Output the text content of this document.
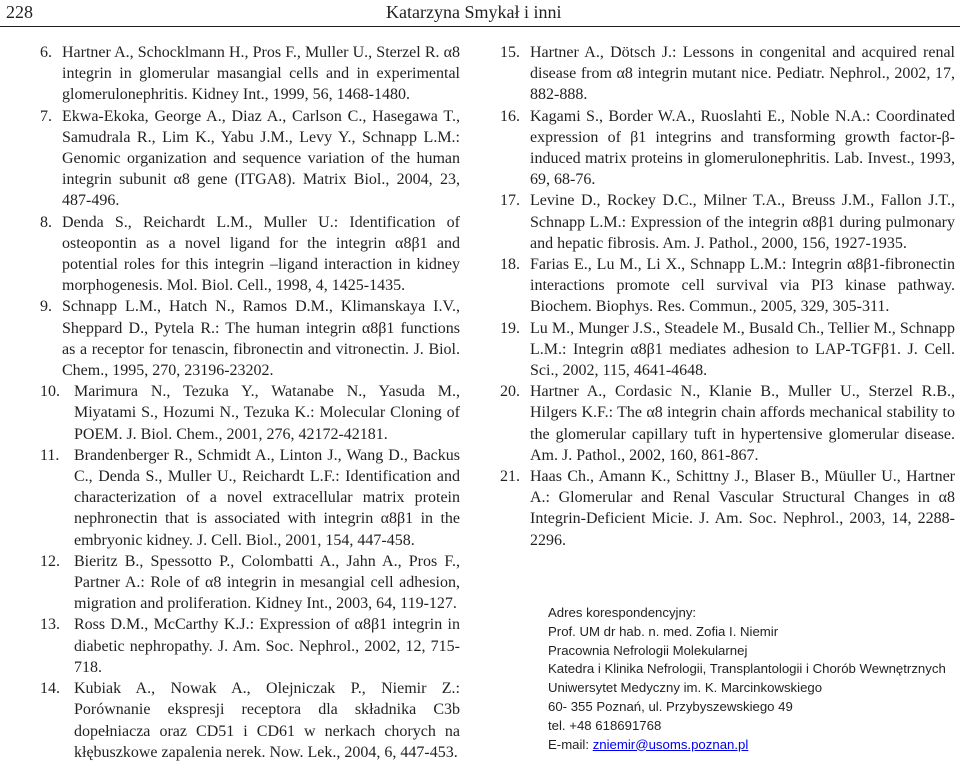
228	Katarzyna Smykał i inni

6. Hartner A., Schocklmann H., Pros F., Muller U., Sterzel R. α8 integrin in glomerular masangial cells and in experimental glomerulonephritis. Kidney Int., 1999, 56, 1468-1480.

7. Ekwa-Ekoka, George A., Diaz A., Carlson C., Hasegawa T., Samudrala R., Lim K., Yabu J.M., Levy Y., Schnapp L.M.: Genomic organization and sequence variation of the human integrin subunit α8 gene (ITGA8). Matrix Biol., 2004, 23, 487-496.

8. Denda S., Reichardt L.M., Muller U.: Identification of osteopontin as a novel ligand for the integrin α8β1 and potential roles for this integrin –ligand interaction in kidney morphogenesis. Mol. Biol. Cell., 1998, 4, 1425-1435.

9. Schnapp L.M., Hatch N., Ramos D.M., Klimanskaya I.V., Sheppard D., Pytela R.: The human integrin α8β1 functions as a receptor for tenascin, fibronectin and vitronectin. J. Biol. Chem., 1995, 270, 23196-23202.

10. Marimura N., Tezuka Y., Watanabe N., Yasuda M., Miyatami S., Hozumi N., Tezuka K.: Molecular Cloning of POEM. J. Biol. Chem., 2001, 276, 42172-42181.

11. Brandenberger R., Schmidt A., Linton J., Wang D., Backus C., Denda S., Muller U., Reichardt L.F.: Identification and characterization of a novel extracellular matrix protein nephronectin that is associated with integrin α8β1 in the embryonic kidney. J. Cell. Biol., 2001, 154, 447-458.

12. Bieritz B., Spessotto P., Colombatti A., Jahn A., Pros F., Partner A.: Role of α8 integrin in mesangial cell adhesion, migration and proliferation. Kidney Int., 2003, 64, 119-127.

13. Ross D.M., McCarthy K.J.: Expression of α8β1 integrin in diabetic nephropathy. J. Am. Soc. Nephrol., 2002, 12, 715-718.

14. Kubiak A., Nowak A., Olejniczak P., Niemir Z.: Porównanie ekspresji receptora dla składnika C3b dopełniacza oraz CD51 i CD61 w nerkach chorych na kłębuszkowe zapalenia nerek. Now. Lek., 2004, 6, 447-453.

15. Hartner A., Dötsch J.: Lessons in congenital and acquired renal disease from α8 integrin mutant nice. Pediatr. Nephrol., 2002, 17, 882-888.

16. Kagami S., Border W.A., Ruoslahti E., Noble N.A.: Coordinated expression of β1 integrins and transforming growth factor-β-induced matrix proteins in glomerulonephritis. Lab. Invest., 1993, 69, 68-76.

17. Levine D., Rockey D.C., Milner T.A., Breuss J.M., Fallon J.T., Schnapp L.M.: Expression of the integrin α8β1 during pulmonary and hepatic fibrosis. Am. J. Pathol., 2000, 156, 1927-1935.

18. Farias E., Lu M., Li X., Schnapp L.M.: Integrin α8β1-fibronectin interactions promote cell survival via PI3 kinase pathway. Biochem. Biophys. Res. Commun., 2005, 329, 305-311.

19. Lu M., Munger J.S., Steadele M., Busald Ch., Tellier M., Schnapp L.M.: Integrin α8β1 mediates adhesion to LAP-TGFβ1. J. Cell. Sci., 2002, 115, 4641-4648.

20. Hartner A., Cordasic N., Klanie B., Muller U., Sterzel R.B., Hilgers K.F.: The α8 integrin chain affords mechanical stability to the glomerular capillary tuft in hypertensive glomerular disease. Am. J. Pathol., 2002, 160, 861-867.

21. Haas Ch., Amann K., Schittny J., Blaser B., Müuller U., Hartner A.: Glomerular and Renal Vascular Structural Changes in α8 Integrin-Deficient Micie. J. Am. Soc. Nephrol., 2003, 14, 2288-2296.

Adres korespondencyjny:

Prof. UM dr hab. n. med. Zofia I. Niemir

Pracownia Nefrologii Molekularnej

Katedra i Klinika Nefrologii, Transplantologii i Chorób Wewnętrznych

Uniwersytet Medyczny im. K. Marcinkowskiego

60- 355 Poznań, ul. Przybyszewskiego 49

tel. +48 618691768

E-mail: zniemir@usoms.poznan.pl
